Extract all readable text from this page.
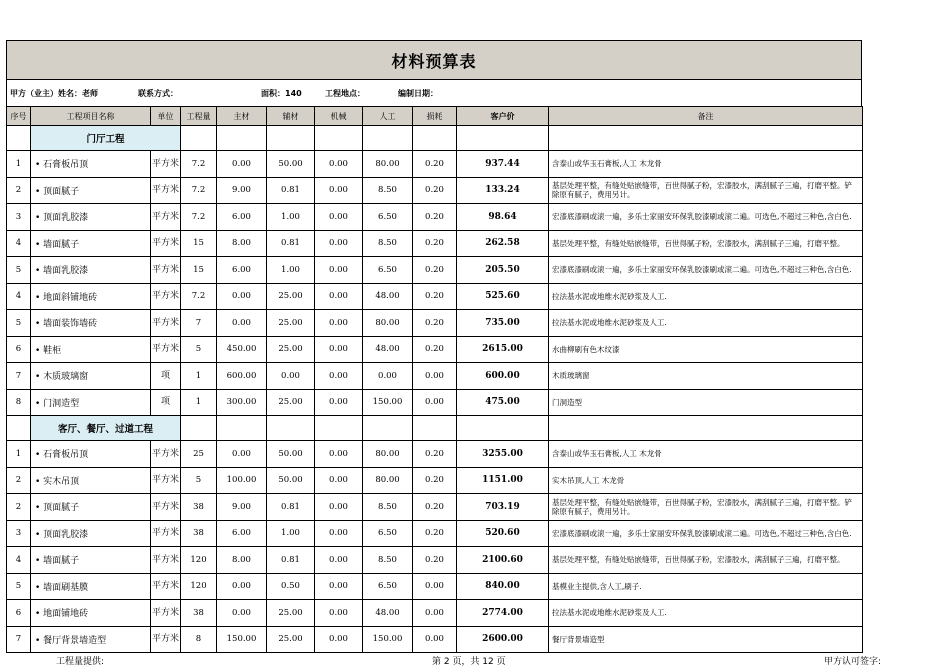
材料预算表
甲方（业主）姓名：老师	联系方式：	面积：140	工程地点：	编制日期：
序号	工程项目名称	单位	工程量	主材	辅材	机械	人工	损耗	客户价	备注
	门厅工程									
1	• 石膏板吊顶	平方米	7.2	0.00	50.00	0.00	80.00	0.20	937.44	含泰山或华玉石膏板,人工 木龙骨
2	• 顶面腻子	平方米	7.2	9.00	0.81	0.00	8.50	0.20	133.24	基层处理平整，有缝处贴嵌缝带，百世得腻子粉，宏漆胶水，满刮腻子三遍，打磨平整。铲除原有腻子，费用另计。
3	• 顶面乳胶漆	平方米	7.2	6.00	1.00	0.00	6.50	0.20	98.64	宏漆底漆刷或滚一遍，多乐士家丽安环保乳胶漆刷或滚二遍。可选色,不超过三种色,含白色.
4	• 墙面腻子	平方米	15	8.00	0.81	0.00	8.50	0.20	262.58	基层处理平整，有缝处贴嵌缝带，百世得腻子粉，宏漆胶水，满刮腻子三遍，打磨平整。
5	• 墙面乳胶漆	平方米	15	6.00	1.00	0.00	6.50	0.20	205.50	宏漆底漆刷或滚一遍，多乐士家丽安环保乳胶漆刷或滚二遍。可选色,不超过三种色,含白色.
4	• 地面斜铺地砖	平方米	7.2	0.00	25.00	0.00	48.00	0.20	525.60	拉法基水泥或地维水泥砂浆及人工.
5	• 墙面装饰墙砖	平方米	7	0.00	25.00	0.00	80.00	0.20	735.00	拉法基水泥或地维水泥砂浆及人工.
6	• 鞋柜	平方米	5	450.00	25.00	0.00	48.00	0.20	2615.00	水曲柳刷有色木纹漆
7	• 木质玻璃窗	项	1	600.00	0.00	0.00	0.00	0.00	600.00	木质玻璃窗
8	• 门洞造型	项	1	300.00	25.00	0.00	150.00	0.00	475.00	门洞造型
	客厅、餐厅、过道工程									
1	• 石膏板吊顶	平方米	25	0.00	50.00	0.00	80.00	0.20	3255.00	含泰山或华玉石膏板,人工 木龙骨
2	• 实木吊顶	平方米	5	100.00	50.00	0.00	80.00	0.20	1151.00	实木吊顶,人工 木龙骨
2	• 顶面腻子	平方米	38	9.00	0.81	0.00	8.50	0.20	703.19	基层处理平整，有缝处贴嵌缝带，百世得腻子粉，宏漆胶水，满刮腻子三遍，打磨平整。铲除原有腻子，费用另计。
3	• 顶面乳胶漆	平方米	38	6.00	1.00	0.00	6.50	0.20	520.60	宏漆底漆刷或滚一遍，多乐士家丽安环保乳胶漆刷或滚二遍。可选色,不超过三种色,含白色.
4	• 墙面腻子	平方米	120	8.00	0.81	0.00	8.50	0.20	2100.60	基层处理平整，有缝处贴嵌缝带，百世得腻子粉，宏漆胶水，满刮腻子三遍，打磨平整。
5	• 墙面刷基膜	平方米	120	0.00	0.50	0.00	6.50	0.00	840.00	基模业主提供,含人工,刷子.
6	• 地面铺地砖	平方米	38	0.00	25.00	0.00	48.00	0.00	2774.00	拉法基水泥或地维水泥砂浆及人工.
7	• 餐厅背景墙造型	平方米	8	150.00	25.00	0.00	150.00	0.00	2600.00	餐厅背景墙造型
工程量提供:	第 2 页，共 12 页	甲方认可签字:
